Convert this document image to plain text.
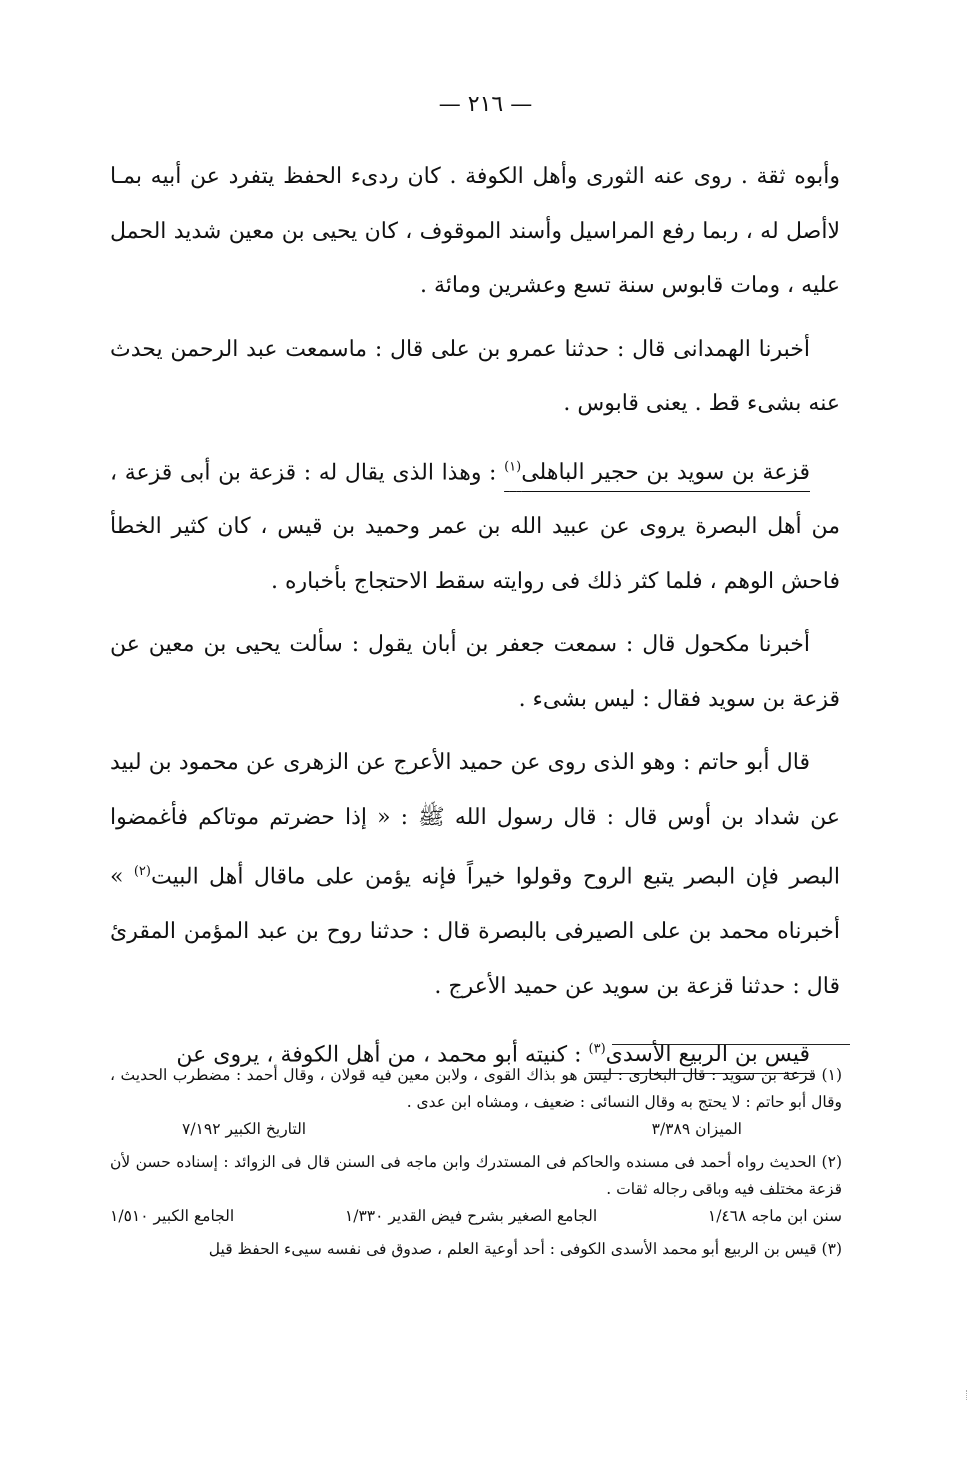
— ٢١٦ —

وأبوه ثقة . روى عنه الثورى وأهل الكوفة . كان ردىء الحفظ يتفرد عن أبيه بمـا لاأصل له ، ربما رفع المراسيل وأسند الموقوف ، كان يحيى بن معين شديد الحمل عليه ، ومات قابوس سنة تسع وعشرين ومائة .

أخبرنا الهمدانى قال : حدثنا عمرو بن على قال : ماسمعت عبد الرحمن يحدث عنه بشىء قط . يعنى قابوس .

قزعة بن سويد بن حجير الباهلى$^{(١)}$ : وهذا الذى يقال له : قزعة بن أبى قزعة ، من أهل البصرة يروى عن عبيد الله بن عمر وحميد بن قيس ، كان كثير الخطأ فاحش الوهم ، فلما كثر ذلك فى روايته سقط الاحتجاج بأخباره .

أخبرنا مكحول قال : سمعت جعفر بن أبان يقول : سألت يحيى بن معين عن قزعة بن سويد فقال : ليس بشىء .

قال أبو حاتم : وهو الذى روى عن حميد الأعرج عن الزهرى عن محمود بن لبيد عن شداد بن أوس قال : قال رسول الله ﷺ : « إذا حضرتم موتاكم فأغمضوا البصر فإن البصر يتبع الروح وقولوا خيراً فإنه يؤمن على ماقال أهل البيت$^{(٢)}$ » أخبرناه محمد بن على الصيرفى بالبصرة قال : حدثنا روح بن عبد المؤمن المقرئ قال : حدثنا قزعة بن سويد عن حميد الأعرج .

قيس بن الربيع الأسدى$^{(٣)}$ : كنيته أبو محمد ، من أهل الكوفة ، يروى عن

(١) قزعة بن سويد : قال البخارى : ليس هو بذاك القوى ، ولابن معين فيه قولان ، وقال أحمد : مضطرب الحديث ، وقال أبو حاتم : لا يحتج به وقال النسائى : ضعيف ، ومشاه ابن عدى .

الميزان ٣/٣٨٩
التاريخ الكبير ٧/١٩٢

(٢) الحديث رواه أحمد فى مسنده والحاكم فى المستدرك وابن ماجه فى السنن قال فى الزوائد : إسناده حسن لأن قزعة مختلف فيه وباقى رجاله ثقات .

سنن ابن ماجه ١/٤٦٨
الجامع الصغير بشرح فيض القدير ١/٣٣٠
الجامع الكبير ١/٥١٠

(٣) قيس بن الربيع أبو محمد الأسدى الكوفى : أحد أوعية العلم ، صدوق فى نفسه سيىء الحفظ قيل
